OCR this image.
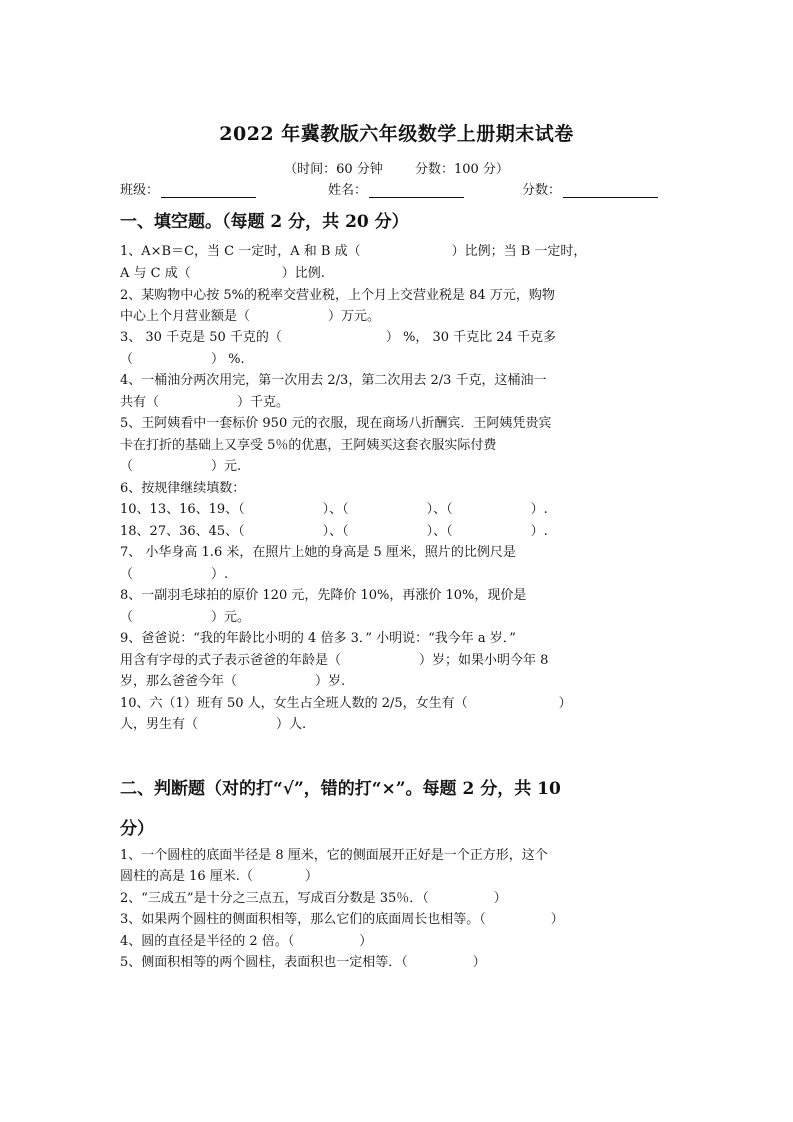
2022 年冀教版六年级数学上册期末试卷
（时间：60 分钟 分数：100 分）
班级：	姓名：	分数：
一、填空题。（每题 2 分，共 20 分）
1、A×B＝C，当 C 一定时，A 和 B 成（　　　　　　　）比例；当 B 一定时，
A 与 C 成（　　　　　　　）比例.
2、某购物中心按 5%的税率交营业税，上个月上交营业税是 84 万元，购物
中心上个月营业额是（　　　　　　）万元。
3、 30 千克是 50 千克的（　　　　　　　　） %， 30 千克比 24 千克多
（　　　　　　） %.
4、一桶油分两次用完，第一次用去 2/3，第二次用去 2/3 千克，这桶油一
共有（　　　　　　）千克。
5、王阿姨看中一套标价 950 元的衣服，现在商场八折酬宾．王阿姨凭贵宾
卡在打折的基础上又享受 5％的优惠，王阿姨买这套衣服实际付费
（　　　　　　）元.
6、按规律继续填数：
10、13、16、19、（　　　　　　）、（　　　　　　）、（　　　　　　）.
18、27、36、45、（　　　　　　）、（　　　　　　）、（　　　　　　）.
7、 小华身高 1.6 米，在照片上她的身高是 5 厘米，照片的比例尺是
（　　　　　　）.
8、一副羽毛球拍的原价 120 元，先降价 10%，再涨价 10%，现价是
（　　　　　　）元。
9、爸爸说：“我的年龄比小明的 4 倍多 3．” 小明说：“我今年 a 岁．”
用含有字母的式子表示爸爸的年龄是（　　　　　　）岁；如果小明今年 8
岁，那么爸爸今年（　　　　　　）岁.
10、六（1）班有 50 人，女生占全班人数的 2/5，女生有（　　　　　　　）
人，男生有（　　　　　　）人.
二、判断题（对的打“√”，错的打“×”。每题 2 分，共 10
分）
1、一个圆柱的底面半径是 8 厘米，它的侧面展开正好是一个正方形，这个
圆柱的高是 16 厘米.（　　　　）
2、“三成五”是十分之三点五，写成百分数是 35％．（　　　　　）
3、如果两个圆柱的侧面积相等，那么它们的底面周长也相等。（　　　　　）
4、圆的直径是半径的 2 倍。（　　　　　）
5、侧面积相等的两个圆柱，表面积也一定相等．（　　　　　）
